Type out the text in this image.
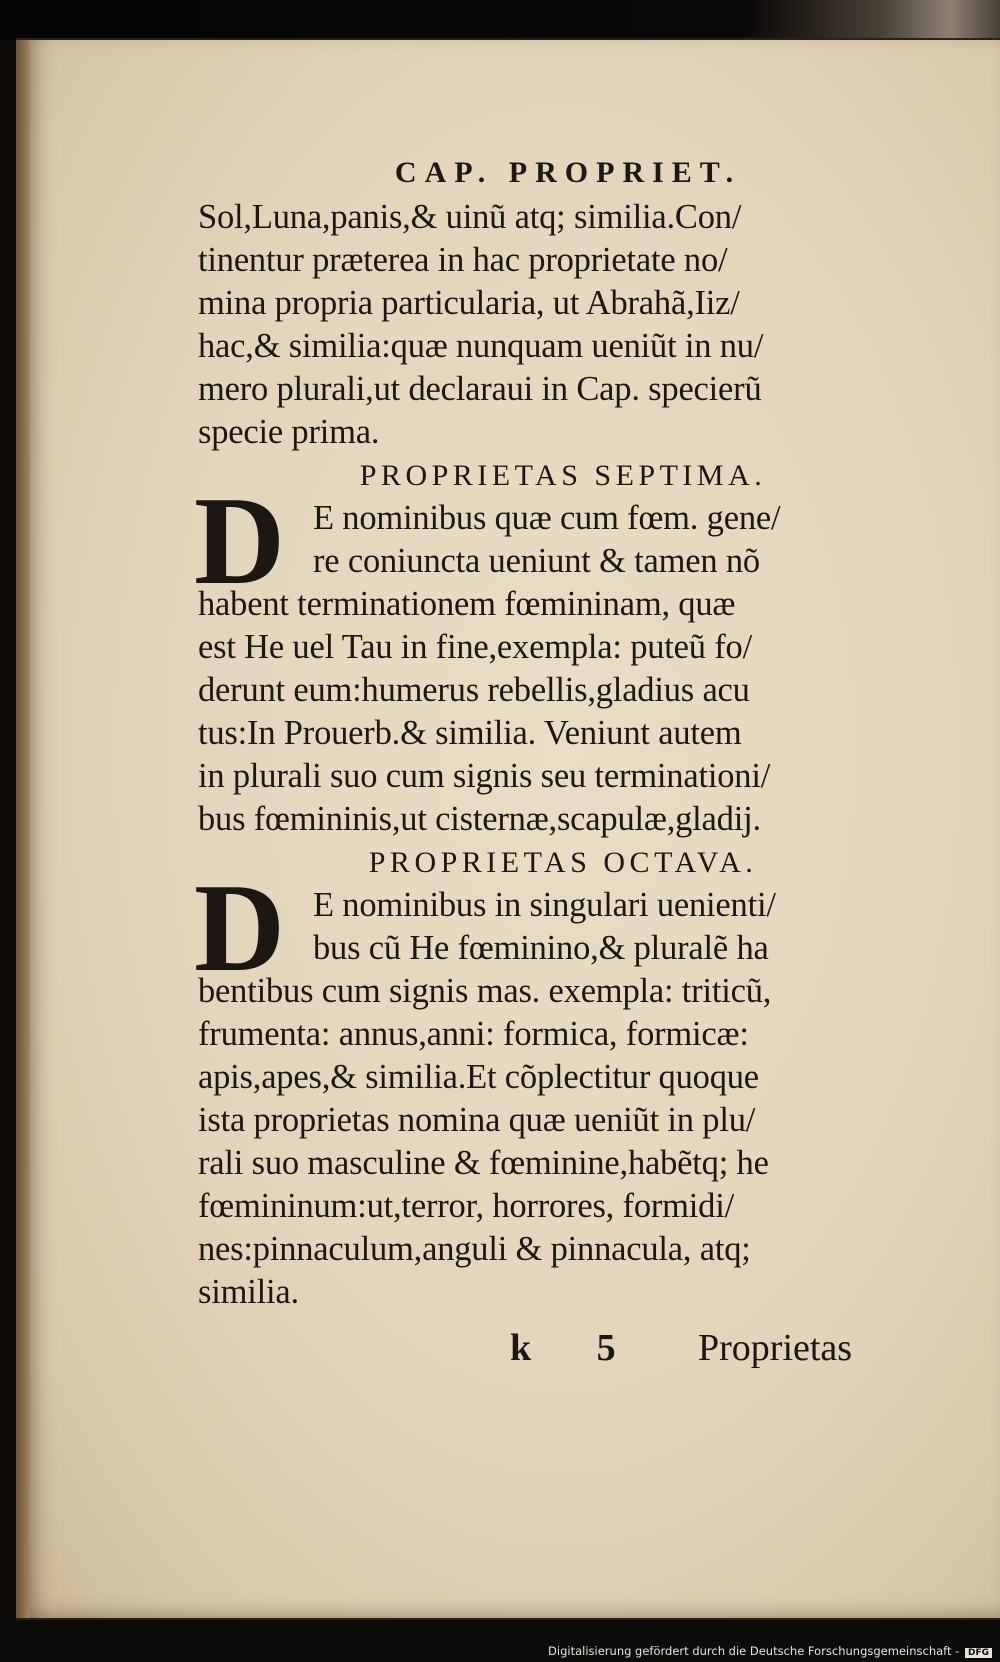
CAP. PROPRIET.
Sol,Luna,panis,& uinũ atq; similia.Con/
tinentur præterea in hac proprietate no/
mina propria particularia, ut Abrahã,Iiz/
hac,& similia:quæ nunquam ueniũt in nu/
mero plurali,ut declaraui in Cap. specierũ
specie prima.
PROPRIETAS SEPTIMA.
D E nominibus quæ cum fœm. gene/
re coniuncta ueniunt & tamen nõ
habent terminationem fœmininam, quæ
est He uel Tau in fine,exempla: puteũ fo/
derunt eum:humerus rebellis,gladius acu
tus:In Prouerb.& similia. Veniunt autem
in plurali suo cum signis seu terminationi/
bus fœmininis,ut cisternæ,scapulæ,gladij.
PROPRIETAS OCTAVA.
D E nominibus in singulari uenienti/
bus cũ He fœminino,& pluralẽ ha
bentibus cum signis mas. exempla: triticũ,
frumenta: annus,anni: formica, formicæ:
apis,apes,& similia.Et cõplectitur quoque
ista proprietas nomina quæ ueniũt in plu/
rali suo masculine & fœminine,habẽtq; he
fœmininum:ut,terror, horrores, formidi/
nes:pinnaculum,anguli & pinnacula, atq;
similia.
k 5 Proprietas
Digitalisierung gefördert durch die Deutsche Forschungsgemeinschaft - DFG
